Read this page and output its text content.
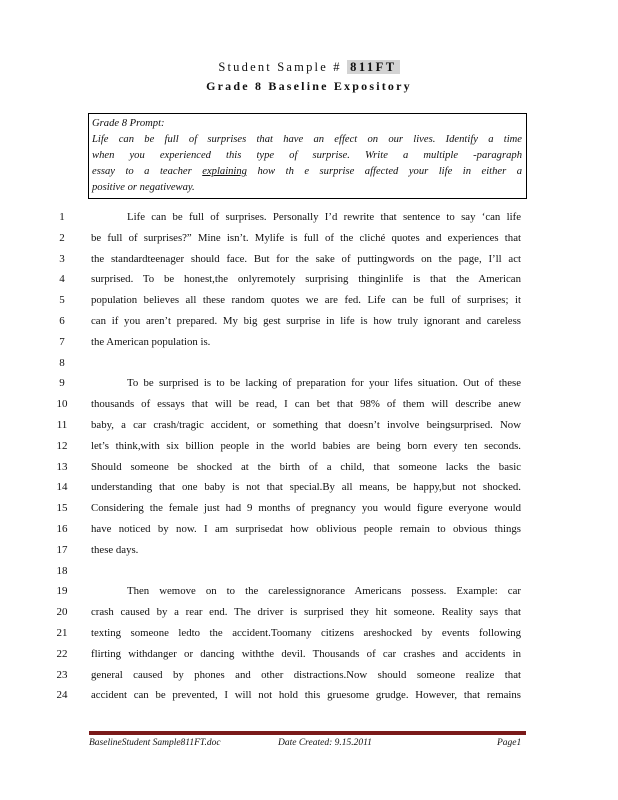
Student Sample # 811FT
Grade 8 Baseline Expository
Grade 8 Prompt:
Life can be full of surprises that have an effect on our lives. Identify a time
when you experienced this type of surprise. Write a multiple -paragraph
essay to a teacher explaining how th e surprise affected your life in either a
positive or negativeway.
1	Life can be full of surprises. Personally I’d rewrite that sentence to say ‘can life
2	be full of surprises?” Mine isn’t. Mylife is full of the cliché quotes and experiences that
3	the standardteenager should face. But for the sake of puttingwords on the page, I’ll act
4	surprised. To be honest,the onlyremotely surprising thinginlife is that the American
5	population believes all these random quotes we are fed. Life can be full of surprises; it
6	can if you aren’t prepared. My big gest surprise in life is how truly ignorant and careless
7	the American population is.
8
9	To be surprised is to be lacking of preparation for your lifes situation. Out of these
10	thousands of essays that will be read, I can bet that 98% of them will describe anew
11	baby, a car crash/tragic accident, or something that doesn’t involve beingsurprised. Now
12	let’s think,with six billion people in the world babies are being born every ten seconds.
13	Should someone be shocked at the birth of a child, that someone lacks the basic
14	understanding that one baby is not that special.By all means, be happy,but not shocked.
15	Considering the female just had 9 months of pregnancy you would figure everyone would
16	have noticed by now. I am surprisedat how oblivious people remain to obvious things
17	these days.
18
19	Then wemove on to the carelessignorance Americans possess. Example: car
20	crash caused by a rear end. The driver is surprised they hit someone. Reality says that
21	texting someone ledto the accident.Toomany citizens areshocked by events following
22	flirting withdanger or dancing withthe devil. Thousands of car crashes and accidents in
23	general caused by phones and other distractions.Now should someone realize that
24	accident can be prevented, I will not hold this gruesome grudge. However, that remains
BaselineStudent Sample811FT.doc	Date Created: 9.15.2011	Page1
